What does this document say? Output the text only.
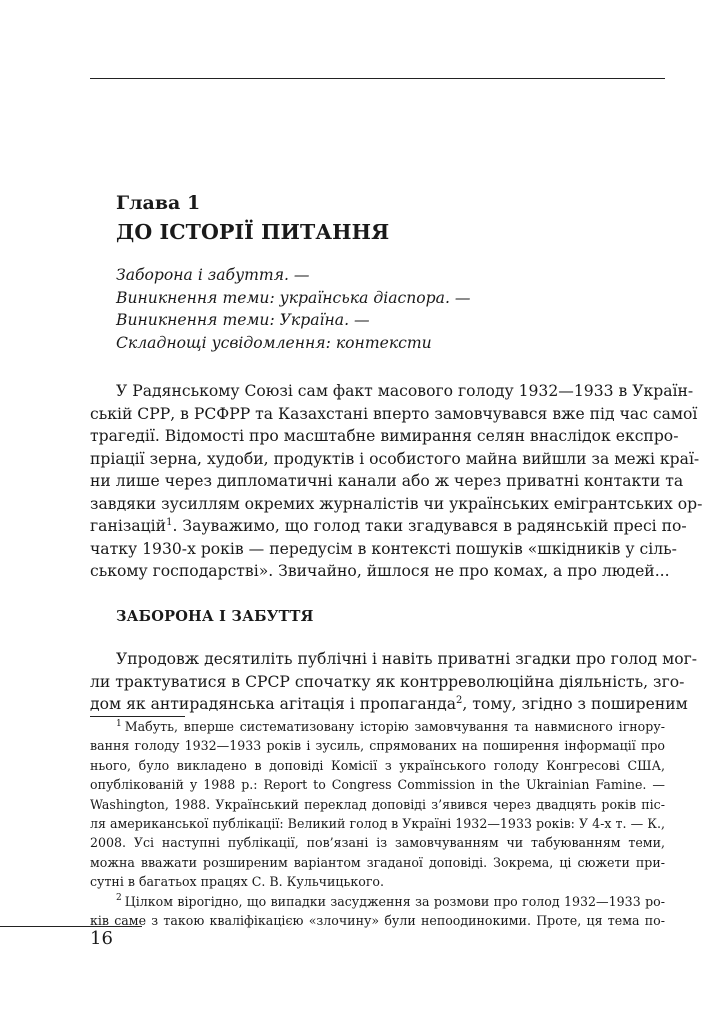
Глава 1
ДО ІСТОРІЇ ПИТАННЯ
Заборона і забуття. —
Виникнення теми: українська діаспора. —
Виникнення теми: Україна. —
Складнощі усвідомлення: контексти
У Радянському Союзі сам факт масового голоду 1932—1933 в Україн-
ській СРР, в РСФРР та Казахстані вперто замовчувався вже під час самої
трагедії. Відомості про масштабне вимирання селян внаслідок експро-
пріації зерна, худоби, продуктів і особистого майна вийшли за межі краї-
ни лише через дипломатичні канали або ж через приватні контакти та
завдяки зусиллям окремих журналістів чи українських емігрантських ор-
ганізацій$^1$. Зауважимо, що голод таки згадувався в радянській пресі по-
чатку 1930-х років — передусім в контексті пошуків «шкідників у сіль-
ському господарстві». Звичайно, йшлося не про комах, а про людей...
ЗАБОРОНА І ЗАБУТТЯ
Упродовж десятиліть публічні і навіть приватні згадки про голод мог-
ли трактуватися в СРСР спочатку як контрреволюційна діяльність, зго-
дом як антирадянська агітація і пропаганда$^2$, тому, згідно з поширеним
$^1$ Мабуть, вперше систематизовану історію замовчування та навмисного ігнору-
вання голоду 1932—1933 років і зусиль, спрямованих на поширення інформації про
нього, було викладено в доповіді Комісії з українського голоду Конгресові США,
опублікованій у 1988 р.: Report to Congress Commission in the Ukrainian Famine. —
Washington, 1988. Український переклад доповіді з’явився через двадцять років піс-
ля американської публікації: Великий голод в Україні 1932—1933 років: У 4-х т. — К.,
2008. Усі наступні публікації, пов’язані із замовчуванням чи табуюванням теми,
можна вважати розширеним варіантом згаданої доповіді. Зокрема, ці сюжети при-
сутні в багатьох працях С. В. Кульчицького.
$^2$ Цілком вірогідно, що випадки засудження за розмови про голод 1932—1933 ро-
ків саме з такою кваліфікацією «злочину» були непоодинокими. Проте, ця тема по-
16
